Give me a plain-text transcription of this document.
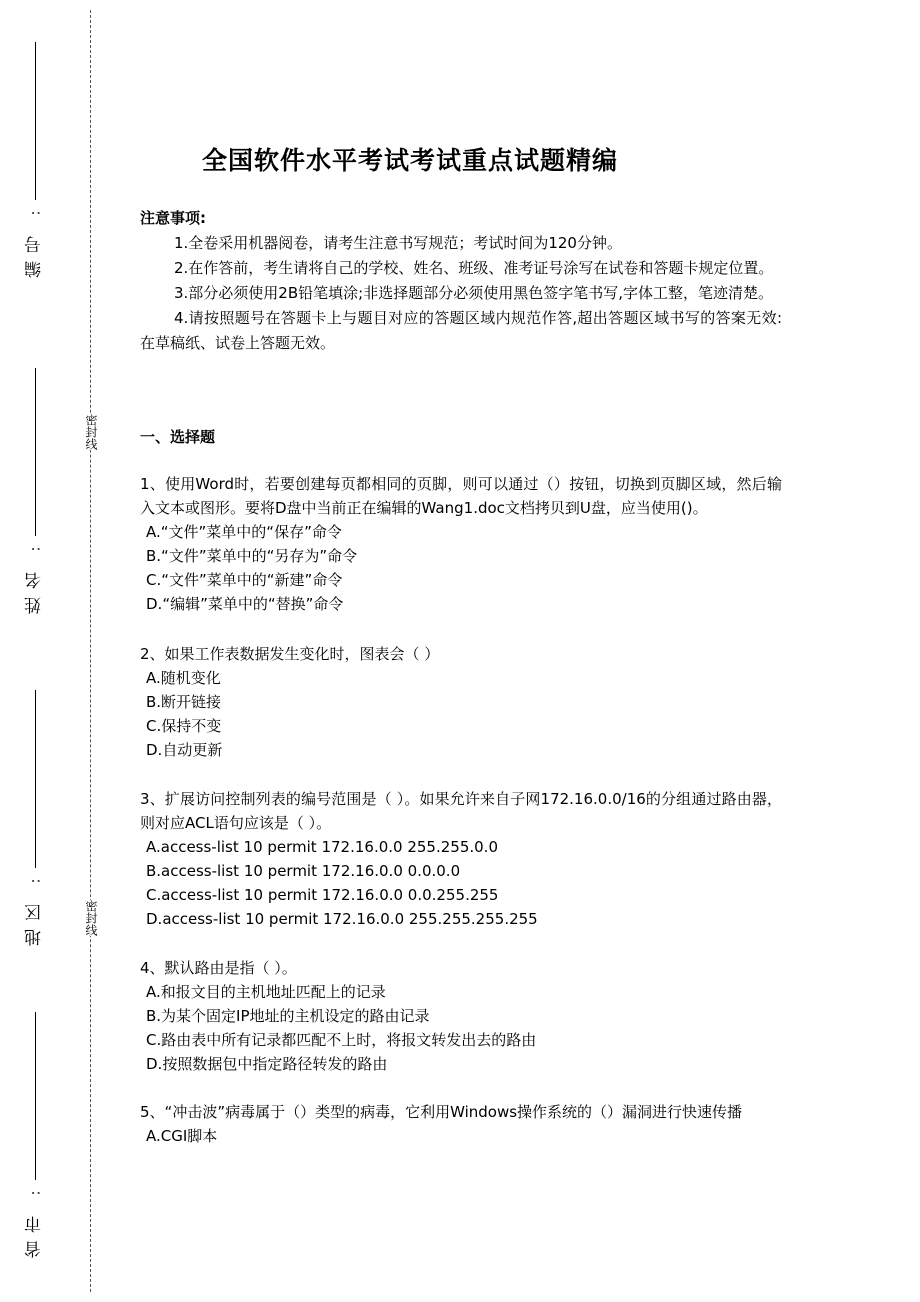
密封线
密封线
:
编号
:
姓名
:
地区
:
省市
全国软件水平考试考试重点试题精编
注意事项:

1.全卷采用机器阅卷，请考生注意书写规范；考试时间为120分钟。

2.在作答前，考生请将自己的学校、姓名、班级、准考证号涂写在试卷和答题卡规定位置。

3.部分必须使用2B铅笔填涂;非选择题部分必须使用黑色签字笔书写,字体工整，笔迹清楚。

4.请按照题号在答题卡上与题目对应的答题区域内规范作答,超出答题区域书写的答案无效:在草稿纸、试卷上答题无效。

一、选择题

1、使用Word时，若要创建每页都相同的页脚，则可以通过（）按钮，切换到页脚区域，然后输入文本或图形。要将D盘中当前正在编辑的Wang1.doc文档拷贝到U盘，应当使用()。

A.“文件”菜单中的“保存”命令

B.“文件”菜单中的“另存为”命令

C.“文件”菜单中的“新建”命令

D.“编辑”菜单中的“替换”命令

2、如果工作表数据发生变化时，图表会（ ）

A.随机变化

B.断开链接

C.保持不变

D.自动更新

3、扩展访问控制列表的编号范围是（ ）。如果允许来自子网172.16.0.0/16的分组通过路由器，则对应ACL语句应该是（ ）。

A.access-list 10 permit 172.16.0.0 255.255.0.0

B.access-list 10 permit 172.16.0.0 0.0.0.0

C.access-list 10 permit 172.16.0.0 0.0.255.255

D.access-list 10 permit 172.16.0.0 255.255.255.255

4、默认路由是指（ ）。

A.和报文目的主机地址匹配上的记录

B.为某个固定IP地址的主机设定的路由记录

C.路由表中所有记录都匹配不上时，将报文转发出去的路由

D.按照数据包中指定路径转发的路由

5、“冲击波”病毒属于（）类型的病毒，它利用Windows操作系统的（）漏洞进行快速传播

A.CGI脚本
